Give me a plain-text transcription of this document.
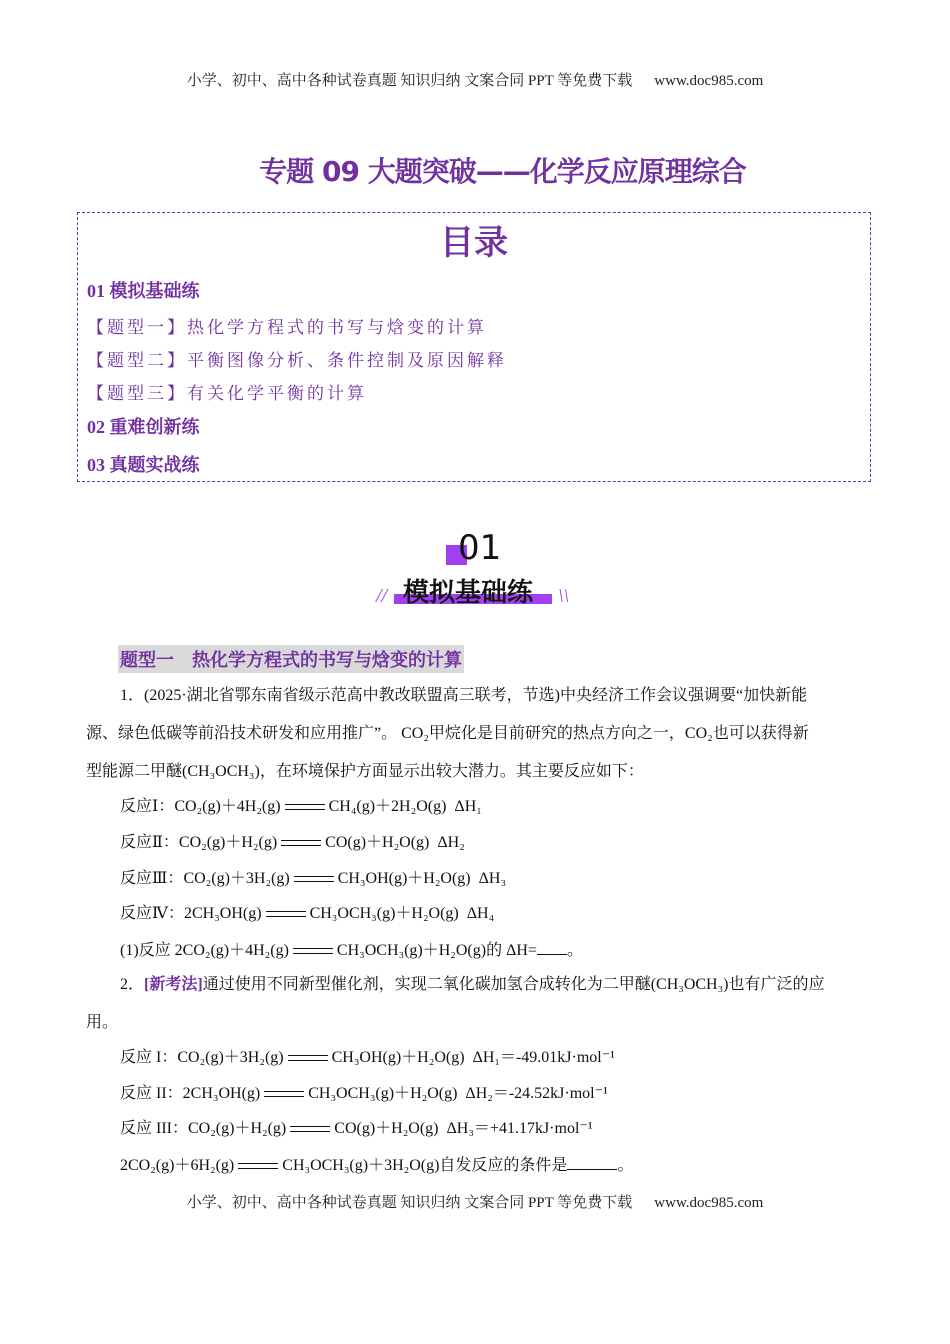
小学、初中、高中各种试卷真题 知识归纳 文案合同 PPT 等免费下载 www.doc985.com
专题 09 大题突破——化学反应原理综合
目录
01 模拟基础练
【题型一】热化学方程式的书写与焓变的计算
【题型二】平衡图像分析、条件控制及原因解释
【题型三】有关化学平衡的计算
02 重难创新练
03 真题实战练
01
模拟基础练
//	\\
题型一 热化学方程式的书写与焓变的计算
1．(2025·湖北省鄂东南省级示范高中教改联盟高三联考，节选)中央经济工作会议强调要“加快新能
源、绿色低碳等前沿技术研发和应用推广”。 CO₂甲烷化是目前研究的热点方向之一，CO₂也可以获得新
型能源二甲醚(CH₃OCH₃)，在环境保护方面显示出较大潜力。其主要反应如下：
反应Ⅰ：CO₂(g)＋4H₂(g)	CH₄(g)＋2H₂O(g) ΔH₁
反应Ⅱ：CO₂(g)＋H₂(g)	CO(g)＋H₂O(g) ΔH₂
反应Ⅲ：CO₂(g)＋3H₂(g)	CH₃OH(g)＋H₂O(g) ΔH₃
反应Ⅳ：2CH₃OH(g)	CH₃OCH₃(g)＋H₂O(g) ΔH₄
(1)反应 2CO₂(g)＋4H₂(g)	CH₃OCH₃(g)＋H₂O(g)的 ΔH= 。
2．[新考法]通过使用不同新型催化剂，实现二氧化碳加氢合成转化为二甲醚(CH₃OCH₃)也有广泛的应
用。
反应 I：CO₂(g)＋3H₂(g)	CH₃OH(g)＋H₂O(g) ΔH₁＝-49.01kJ·mol⁻¹
反应 II：2CH₃OH(g)	CH₃OCH₃(g)＋H₂O(g) ΔH₂＝-24.52kJ·mol⁻¹
反应 III：CO₂(g)＋H₂(g)	CO(g)＋H₂O(g) ΔH₃＝+41.17kJ·mol⁻¹
2CO₂(g)＋6H₂(g)	CH₃OCH₃(g)＋3H₂O(g)自发反应的条件是	。
小学、初中、高中各种试卷真题 知识归纳 文案合同 PPT 等免费下载 www.doc985.com
